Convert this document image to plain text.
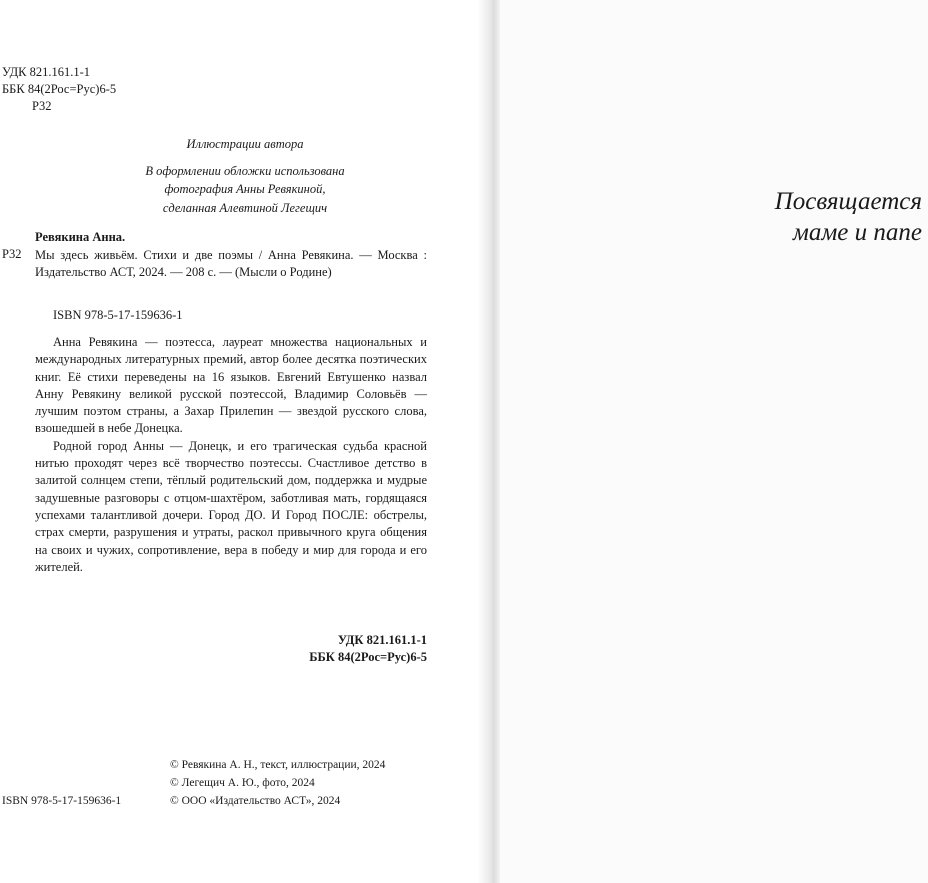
УДК 821.161.1-1
ББК 84(2Рос=Рус)6-5
Р32
Иллюстрации автора
В оформлении обложки использована
фотография Анны Ревякиной,
сделанная Алевтиной Легещич
Ревякина Анна.
Р32 Мы здесь живьём. Стихи и две поэмы / Анна Ревякина. — Москва : Издательство АСТ, 2024. — 208 с. — (Мысли о Родине)
ISBN 978-5-17-159636-1

Анна Ревякина — поэтесса, лауреат множества национальных и международных литературных премий, автор более десятка поэтических книг. Её стихи переведены на 16 языков. Евгений Евтушенко назвал Анну Ревякину великой русской поэтессой, Владимир Соловьёв — лучшим поэтом страны, а Захар Прилепин — звездой русского слова, взошедшей в небе Донецка.

Родной город Анны — Донецк, и его трагическая судьба красной нитью проходят через всё творчество поэтессы. Счастливое детство в залитой солнцем степи, тёплый родительский дом, поддержка и мудрые задушевные разговоры с отцом-шахтёром, заботливая мать, гордящаяся успехами талантливой дочери. Город ДО. И Город ПОСЛЕ: обстрелы, страх смерти, разрушения и утраты, раскол привычного круга общения на своих и чужих, сопротивление, вера в победу и мир для города и его жителей.

УДК 821.161.1-1
ББК 84(2Рос=Рус)6-5
© Ревякина А. Н., текст, иллюстрации, 2024
© Легещич А. Ю., фото, 2024
© ООО «Издательство АСТ», 2024
ISBN 978-5-17-159636-1
Посвящается
маме и папе
